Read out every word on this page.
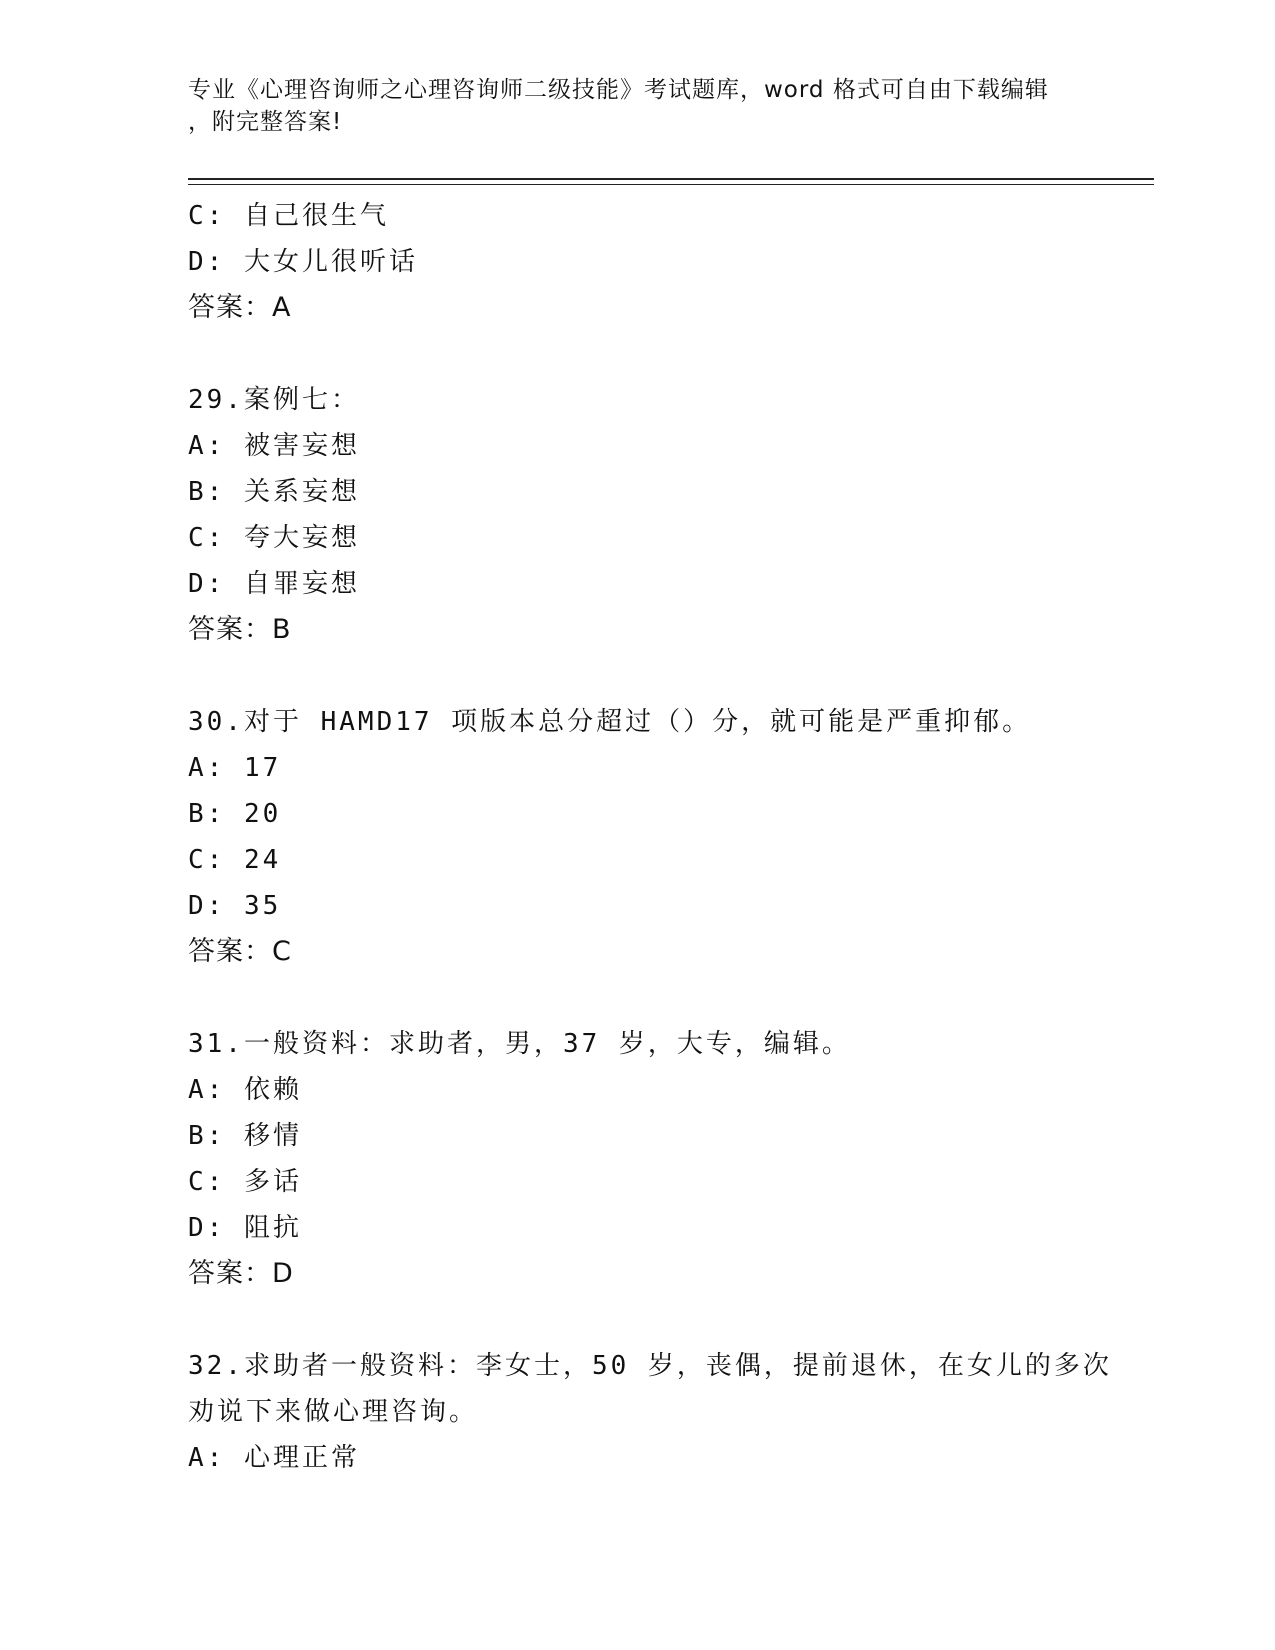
专业《心理咨询师之心理咨询师二级技能》考试题库，word 格式可自由下载编辑
，附完整答案!
C: 自己很生气
D: 大女儿很听话
答案：A
29.案例七：
A: 被害妄想
B: 关系妄想
C: 夸大妄想
D: 自罪妄想
答案：B
30.对于 HAMD17 项版本总分超过（）分，就可能是严重抑郁。
A: 17
B: 20
C: 24
D: 35
答案：C
31.一般资料：求助者，男，37 岁，大专，编辑。
A: 依赖
B: 移情
C: 多话
D: 阻抗
答案：D
32.求助者一般资料：李女士，50 岁，丧偶，提前退休，在女儿的多次
劝说下来做心理咨询。
A: 心理正常
